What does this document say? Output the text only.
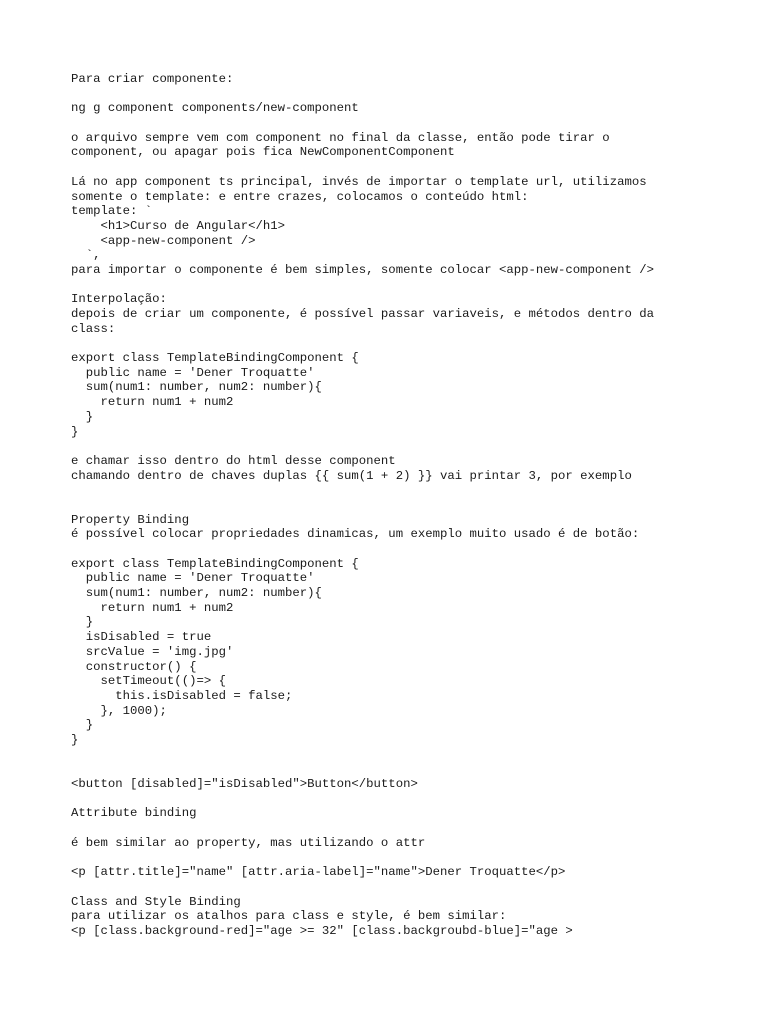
Para criar componente:
ng g component components/new-component
o arquivo sempre vem com component no final da classe, então pode tirar o
component, ou apagar pois fica NewComponentComponent
Lá no app component ts principal, invés de importar o template url, utilizamos
somente o template: e entre crazes, colocamos o conteúdo html:
template: `
<h1>Curso de Angular</h1>
<app-new-component />
`,
para importar o componente é bem simples, somente colocar <app-new-component />
Interpolação:
depois de criar um componente, é possível passar variaveis, e métodos dentro da
class:
export class TemplateBindingComponent {
public name = 'Dener Troquatte'
sum(num1: number, num2: number){
return num1 + num2
}
}
e chamar isso dentro do html desse component
chamando dentro de chaves duplas {{ sum(1 + 2) }} vai printar 3, por exemplo
Property Binding
é possível colocar propriedades dinamicas, um exemplo muito usado é de botão:
export class TemplateBindingComponent {
public name = 'Dener Troquatte'
sum(num1: number, num2: number){
return num1 + num2
}
isDisabled = true
srcValue = 'img.jpg'
constructor() {
setTimeout(()=> {
this.isDisabled = false;
}, 1000);
}
}
<button [disabled]="isDisabled">Button</button>
Attribute binding
é bem similar ao property, mas utilizando o attr
<p [attr.title]="name" [attr.aria-label]="name">Dener Troquatte</p>
Class and Style Binding
para utilizar os atalhos para class e style, é bem similar:
<p [class.background-red]="age >= 32" [class.backgroubd-blue]="age >
